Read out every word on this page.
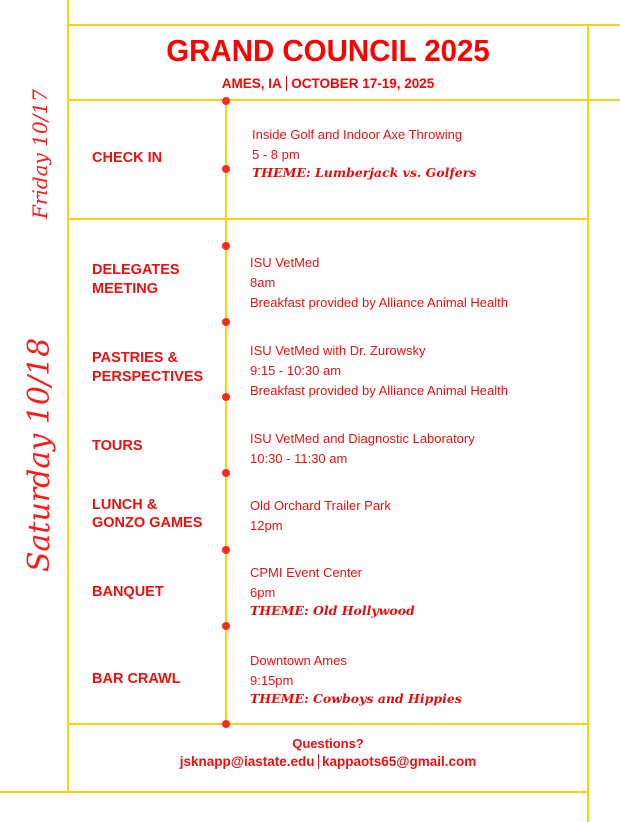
GRAND COUNCIL 2025
AMES, IA OCTOBER 17-19, 2025
Friday 10/17
Saturday 10/18
CHECK IN
Inside Golf and Indoor Axe Throwing
5 - 8 pm
THEME: Lumberjack vs. Golfers
DELEGATES
MEETING
ISU VetMed
8am
Breakfast provided by Alliance Animal Health
PASTRIES &
PERSPECTIVES
ISU VetMed with Dr. Zurowsky
9:15 - 10:30 am
Breakfast provided by Alliance Animal Health
TOURS	ISU VetMed and Diagnostic Laboratory
10:30 - 11:30 am
LUNCH &
GONZO GAMES
Old Orchard Trailer Park
12pm
BANQUET
CPMI Event Center
6pm
THEME: Old Hollywood
BAR CRAWL
Downtown Ames
9:15pm
THEME: Cowboys and Hippies
Questions?
jsknapp@iastate.edu kappaots65@gmail.com
